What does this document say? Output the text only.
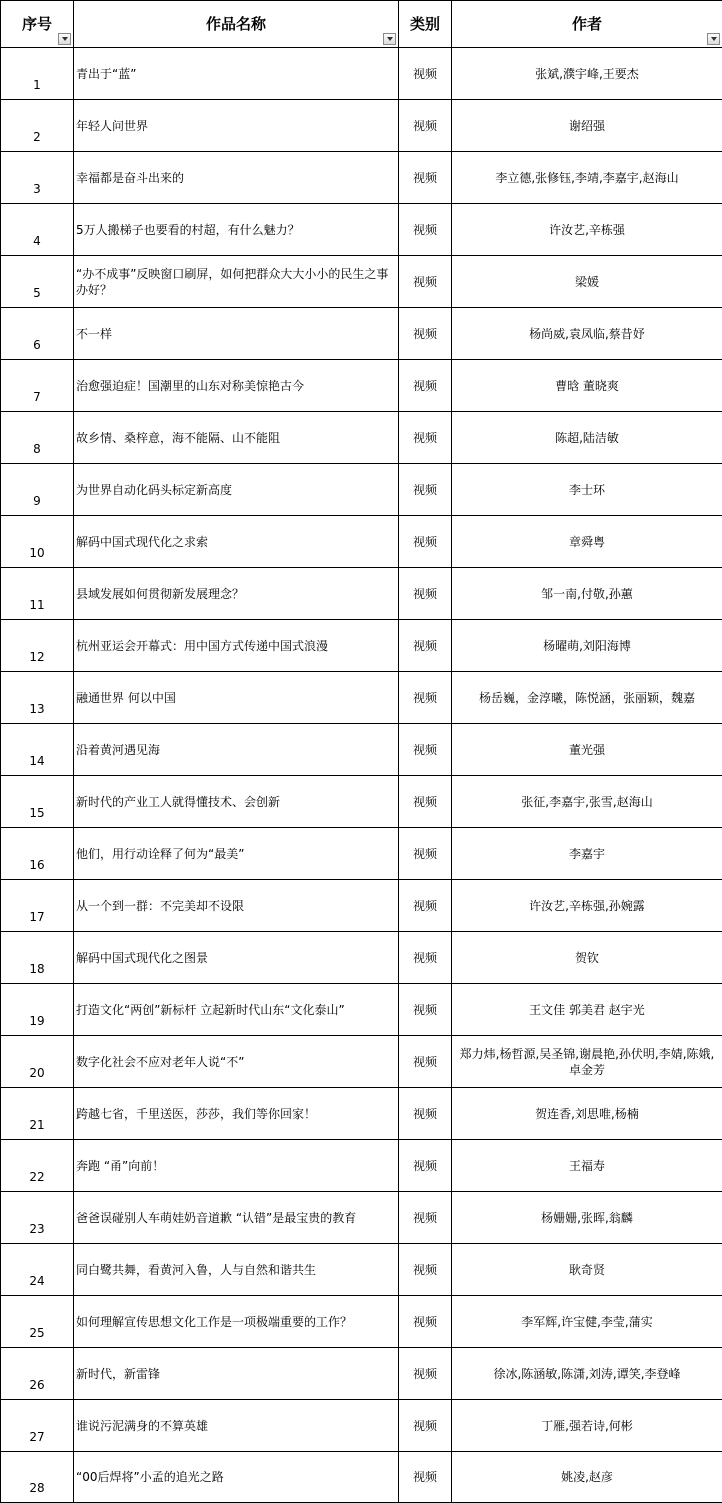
序号	作品名称	类别	作者

1	青出于“蓝”	视频	张斌,濮宇峰,王要杰
2	年轻人问世界	视频	谢绍强
3	幸福都是奋斗出来的	视频	李立德,张修钰,李靖,李嘉宇,赵海山
4	5万人搬梯子也要看的村超，有什么魅力？	视频	许汝艺,辛栋强
5	“办不成事”反映窗口刷屏，如何把群众大大小小的民生之事办好？	视频	梁媛
6	不一样	视频	杨尚威,袁凤临,蔡昔妤
7	治愈强迫症！国潮里的山东对称美惊艳古今	视频	曹晗 董晓爽
8	故乡情、桑梓意，海不能隔、山不能阻	视频	陈超,陆洁敏
9	为世界自动化码头标定新高度	视频	李士环
10	解码中国式现代化之求索	视频	章舜粤
11	县域发展如何贯彻新发展理念？	视频	邹一南,付敬,孙蕙
12	杭州亚运会开幕式：用中国方式传递中国式浪漫	视频	杨曜萌,刘阳海博
13	融通世界 何以中国	视频	杨岳巍，金淳曦，陈悦涵，张丽颖，魏嘉
14	沿着黄河遇见海	视频	董光强
15	新时代的产业工人就得懂技术、会创新	视频	张征,李嘉宇,张雪,赵海山
16	他们，用行动诠释了何为“最美”	视频	李嘉宇
17	从一个到一群：不完美却不设限	视频	许汝艺,辛栋强,孙婉露
18	解码中国式现代化之图景	视频	贺钦
19	打造文化“两创”新标杆 立起新时代山东“文化泰山”	视频	王文佳 郭美君 赵宇光
20	数字化社会不应对老年人说“不”	视频	郑力炜,杨哲源,吴圣锦,谢晨艳,孙伏明,李婧,陈娥,卓金芳
21	跨越七省，千里送医，莎莎，我们等你回家！	视频	贺连香,刘思唯,杨楠
22	奔跑 “甬”向前！	视频	王福寿
23	爸爸误碰别人车萌娃奶音道歉 “认错”是最宝贵的教育	视频	杨姗姗,张晖,翁麟
24	同白鹭共舞，看黄河入鲁，人与自然和谐共生	视频	耿奇贤
25	如何理解宣传思想文化工作是一项极端重要的工作？	视频	李军辉,许宝健,李莹,蒲实
26	新时代，新雷锋	视频	徐冰,陈涵敏,陈潇,刘涛,谭笑,李登峰
27	谁说污泥满身的不算英雄	视频	丁雁,强若诗,何彬
28	“00后焊将”小孟的追光之路	视频	姚凌,赵彦
